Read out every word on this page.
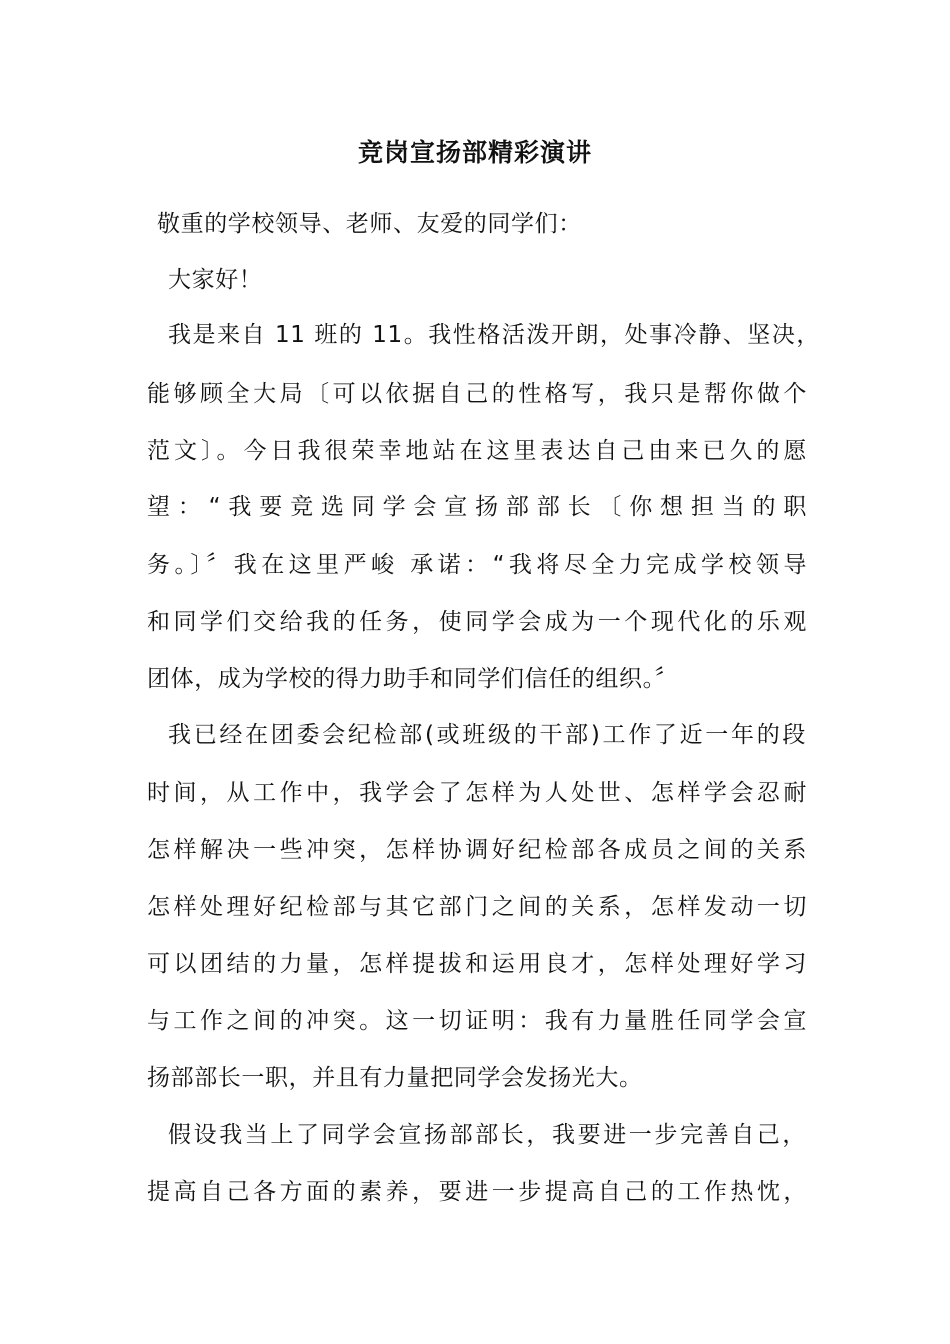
竞岗宣扬部精彩演讲
敬重的学校领导、老师、友爱的同学们：
大家好！
我是来自 11 班的 11。我性格活泼开朗，处事冷静、坚决，
能够顾全大局〔可以依据自己的性格写，我只是帮你做个
范文〕。今日我很荣幸地站在这里表达自己由来已久的愿
望：“我要竞选同学会宣扬部部长〔你想担当的职
务。〕〞我在这里严峻 承诺：“我将尽全力完成学校领导
和同学们交给我的任务，使同学会成为一个现代化的乐观
团体，成为学校的得力助手和同学们信任的组织。〞
我已经在团委会纪检部(或班级的干部)工作了近一年的段
时间，从工作中，我学会了怎样为人处世、怎样学会忍耐
怎样解决一些冲突，怎样协调好纪检部各成员之间的关系
怎样处理好纪检部与其它部门之间的关系，怎样发动一切
可以团结的力量，怎样提拔和运用良才，怎样处理好学习
与工作之间的冲突。这一切证明：我有力量胜任同学会宣
扬部部长一职，并且有力量把同学会发扬光大。
假设我当上了同学会宣扬部部长，我要进一步完善自己，
提高自己各方面的素养，要进一步提高自己的工作热忱，
